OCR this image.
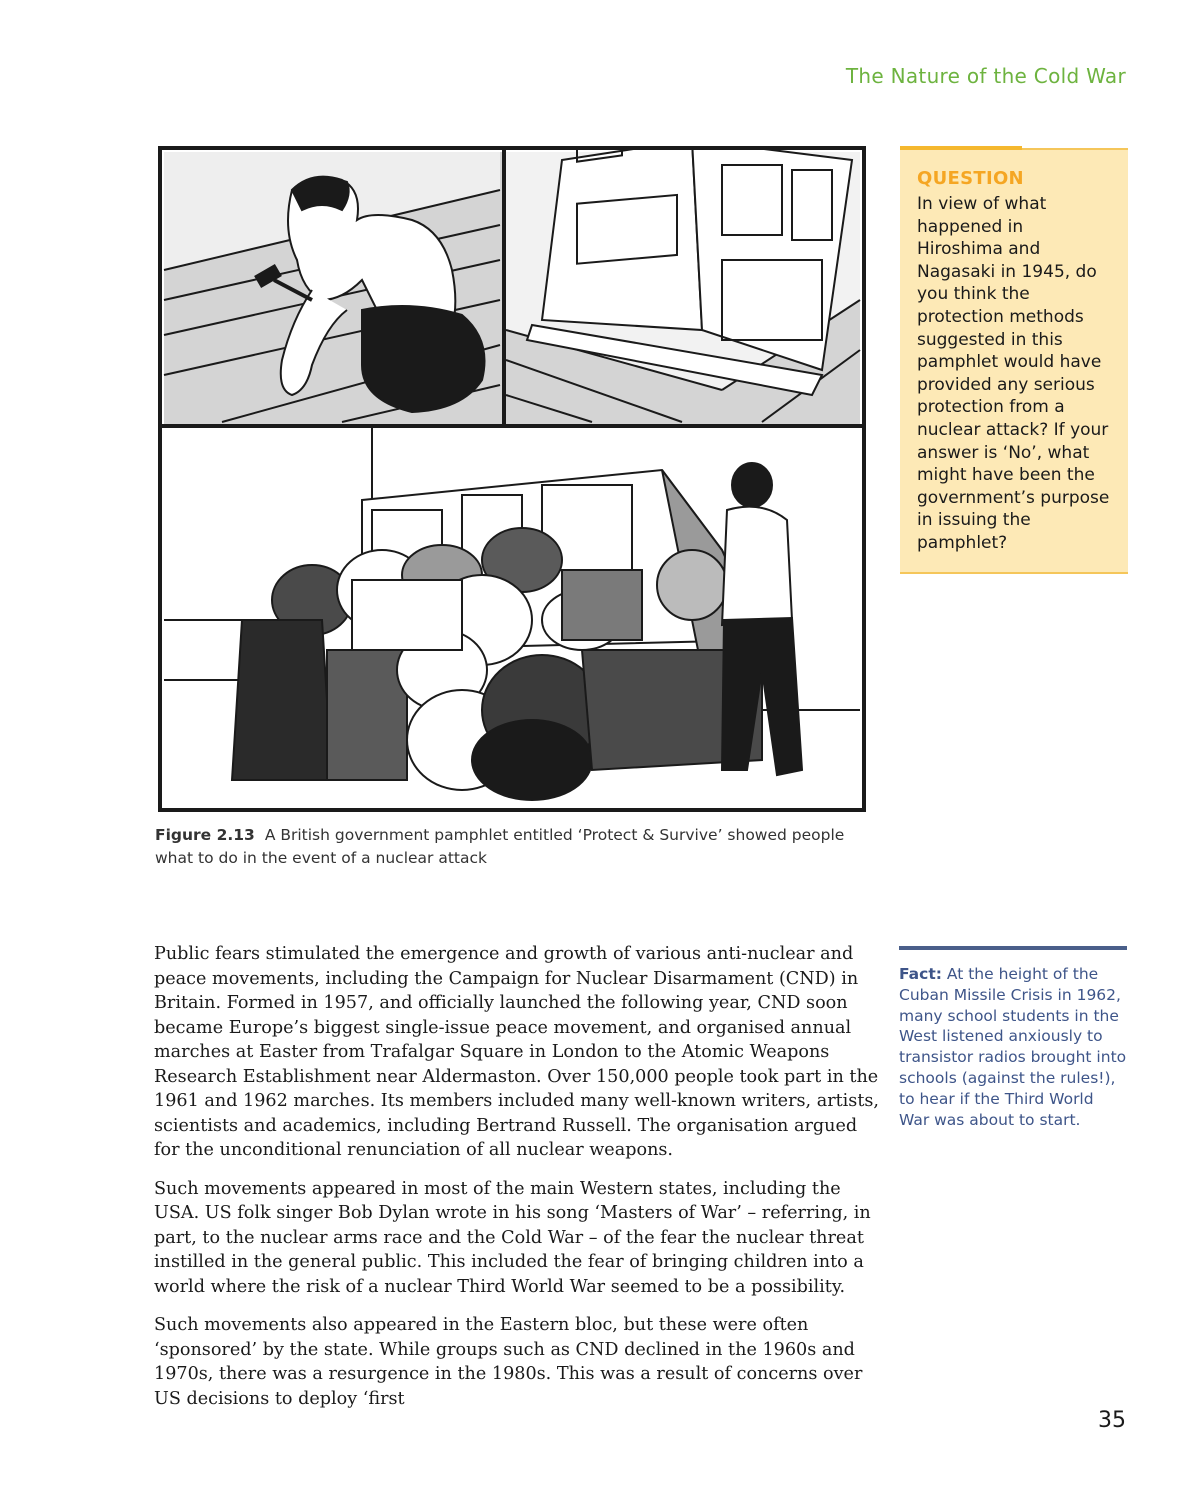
The Nature of the Cold War
Figure 2.13 A British government pamphlet entitled ‘Protect & Survive’ showed people what to do in the event of a nuclear attack

QUESTION

In view of what happened in Hiroshima and Nagasaki in 1945, do you think the protection methods suggested in this pamphlet would have provided any serious protection from a nuclear attack? If your answer is ‘No’, what might have been the government’s purpose in issuing the pamphlet?

Fact: At the height of the Cuban Missile Crisis in 1962, many school students in the West listened anxiously to transistor radios brought into schools (against the rules!), to hear if the Third World War was about to start.

Public fears stimulated the emergence and growth of various anti-nuclear and peace movements, including the Campaign for Nuclear Disarmament (CND) in Britain. Formed in 1957, and officially launched the following year, CND soon became Europe’s biggest single-issue peace movement, and organised annual marches at Easter from Trafalgar Square in London to the Atomic Weapons Research Establishment near Aldermaston. Over 150,000 people took part in the 1961 and 1962 marches. Its members included many well-known writers, artists, scientists and academics, including Bertrand Russell. The organisation argued for the unconditional renunciation of all nuclear weapons.

Such movements appeared in most of the main Western states, including the USA. US folk singer Bob Dylan wrote in his song ‘Masters of War’ – referring, in part, to the nuclear arms race and the Cold War – of the fear the nuclear threat instilled in the general public. This included the fear of bringing children into a world where the risk of a nuclear Third World War seemed to be a possibility.

Such movements also appeared in the Eastern bloc, but these were often ‘sponsored’ by the state. While groups such as CND declined in the 1960s and 1970s, there was a resurgence in the 1980s. This was a result of concerns over US decisions to deploy ‘first

35
